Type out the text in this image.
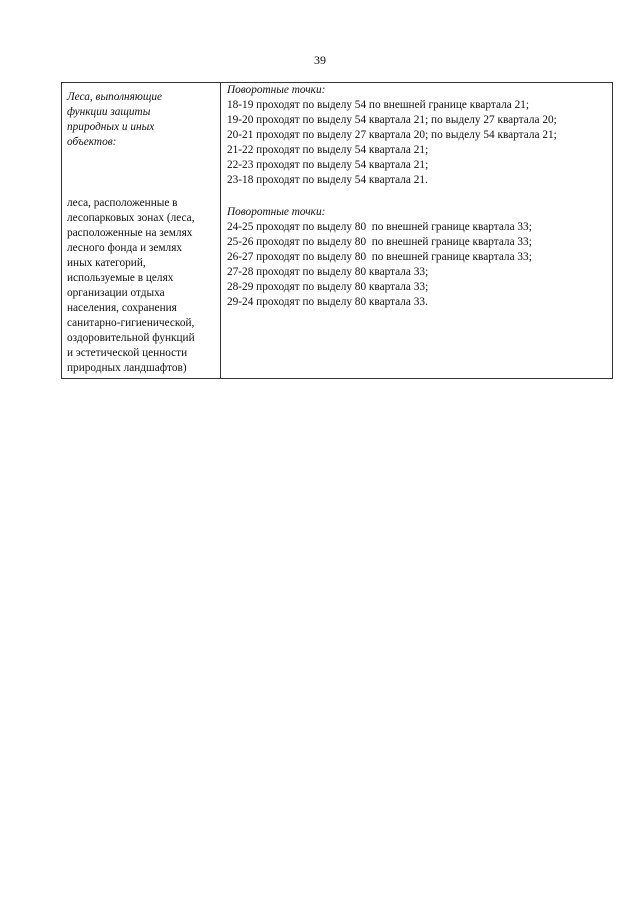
39
Леса, выполняющие
функции защиты
природных и иных
объектов:
леса, расположенные в
лесопарковых зонах (леса,
расположенные на землях
лесного фонда и землях
иных категорий,
используемые в целях
организации отдыха
населения, сохранения
санитарно-гигиенической,
оздоровительной функций
и эстетической ценности
природных ландшафтов)
Поворотные точки:
18-19 проходят по выделу 54 по внешней границе квартала 21;
19-20 проходят по выделу 54 квартала 21; по выделу 27 квартала 20;
20-21 проходят по выделу 27 квартала 20; по выделу 54 квартала 21;
21-22 проходят по выделу 54 квартала 21;
22-23 проходят по выделу 54 квартала 21;
23-18 проходят по выделу 54 квартала 21.
Поворотные точки:
24-25 проходят по выделу 80  по внешней границе квартала 33;
25-26 проходят по выделу 80  по внешней границе квартала 33;
26-27 проходят по выделу 80  по внешней границе квартала 33;
27-28 проходят по выделу 80 квартала 33;
28-29 проходят по выделу 80 квартала 33;
29-24 проходят по выделу 80 квартала 33.
